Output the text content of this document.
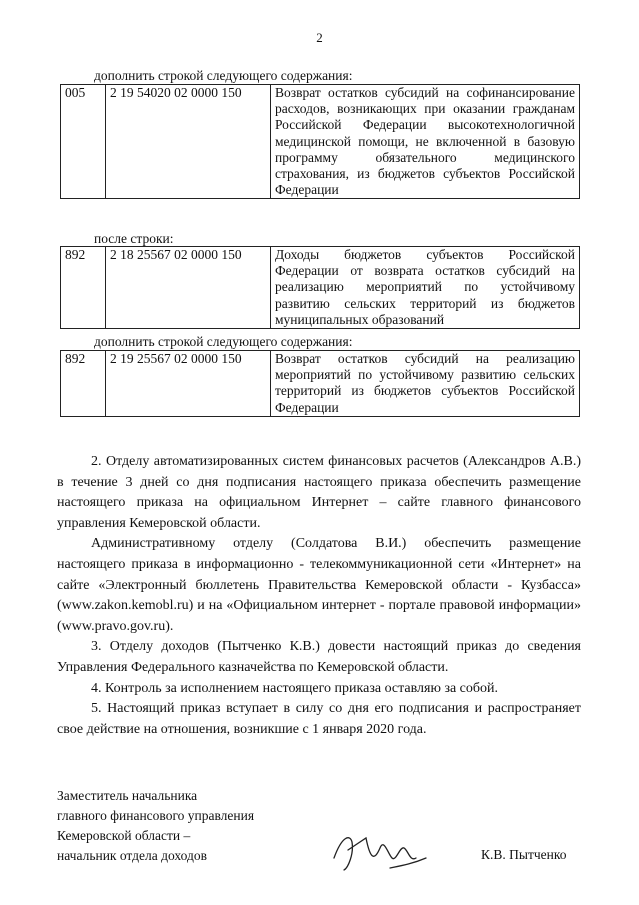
2
дополнить строкой следующего содержания:
005	2 19 54020 02 0000 150	Возврат остатков субсидий на софинансирование расходов, возникающих при оказании гражданам Российской Федерации высокотехнологичной медицинской помощи, не включенной в базовую программу обязательного медицинского страхования, из бюджетов субъектов Российской Федерации
после строки:
892	2 18 25567 02 0000 150	Доходы бюджетов субъектов Российской Федерации от возврата остатков субсидий на реализацию мероприятий по устойчивому развитию сельских территорий из бюджетов муниципальных образований
дополнить строкой следующего содержания:
892	2 19 25567 02 0000 150	Возврат остатков субсидий на реализацию мероприятий по устойчивому развитию сельских территорий из бюджетов субъектов Российской Федерации

2. Отделу автоматизированных систем финансовых расчетов (Александров А.В.) в течение 3 дней со дня подписания настоящего приказа обеспечить размещение настоящего приказа на официальном Интернет – сайте главного финансового управления Кемеровской области.

Административному отделу (Солдатова В.И.) обеспечить размещение настоящего приказа в информационно - телекоммуникационной сети «Интернет» на сайте «Электронный бюллетень Правительства Кемеровской области - Кузбасса» (www.zakon.kemobl.ru) и на «Официальном интернет - портале правовой информации» (www.pravo.gov.ru).

3. Отделу доходов (Пытченко К.В.) довести настоящий приказ до сведения Управления Федерального казначейства по Кемеровской области.

4. Контроль за исполнением настоящего приказа оставляю за собой.

5. Настоящий приказ вступает в силу со дня его подписания и распространяет свое действие на отношения, возникшие с 1 января 2020 года.

Заместитель начальника
главного финансового управления
Кемеровской области –
начальник отдела доходов	К.В. Пытченко
